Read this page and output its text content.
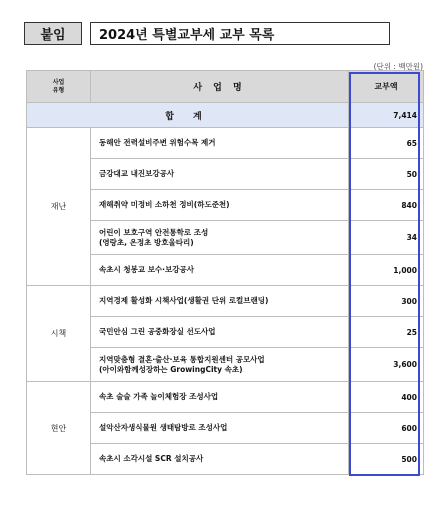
붙임	2024년 특별교부세 교부 목록
(단위 : 백만원)
사업
유형	사 업 명	교부액
합 계		7,414
재난	동해안 전력설비주변 위험수목 제거	65
	금강대교 내진보강공사	50
	재해취약 미정비 소하천 정비(하도준천)	840
	어린이 보호구역 안전통학로 조성
(영랑초, 온정초 방호울타리)	34
	속초시 청봉교 보수·보강공사	1,000
시책	지역경제 활성화 시책사업(생활권 단위 로컬브랜딩)	300
	국민안심 그린 공중화장실 선도사업	25
	지역맞춤형 결혼·출산·보육 통합지원센터 공모사업
(아이와함께성장하는 GrowingCity 속초)	3,600
현안	속초 술술 가족 놀이체험장 조성사업	400
	설악산자생식물원 생태탐방로 조성사업	600
	속초시 소각시설 SCR 설치공사	500
